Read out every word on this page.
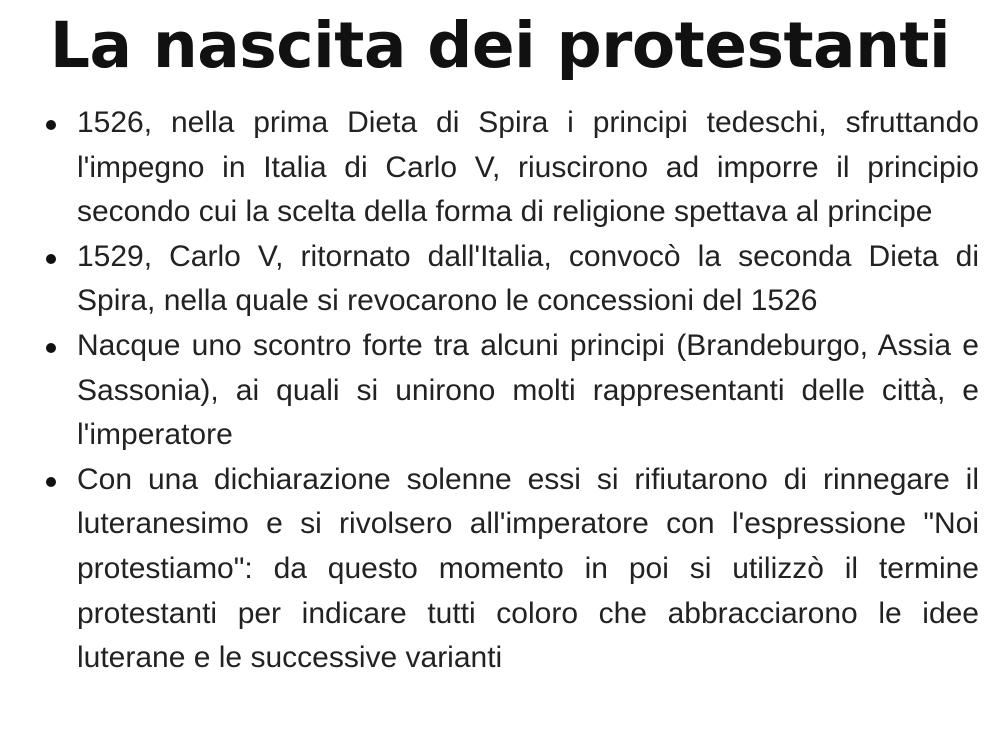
La nascita dei protestanti
1526, nella prima Dieta di Spira i principi tedeschi, sfruttando l'impegno in Italia di Carlo V, riuscirono ad imporre il principio secondo cui la scelta della forma di religione spettava al principe
1529, Carlo V, ritornato dall'Italia, convocò la seconda Dieta di Spira, nella quale si revocarono le concessioni del 1526
Nacque uno scontro forte tra alcuni principi (Brandeburgo, Assia e Sassonia), ai quali si unirono molti rappresentanti delle città, e l'imperatore
Con una dichiarazione solenne essi si rifiutarono di rinnegare il luteranesimo e si rivolsero all'imperatore con l'espressione "Noi protestiamo": da questo momento in poi si utilizzò il termine protestanti per indicare tutti coloro che abbracciarono le idee luterane e le successive varianti
